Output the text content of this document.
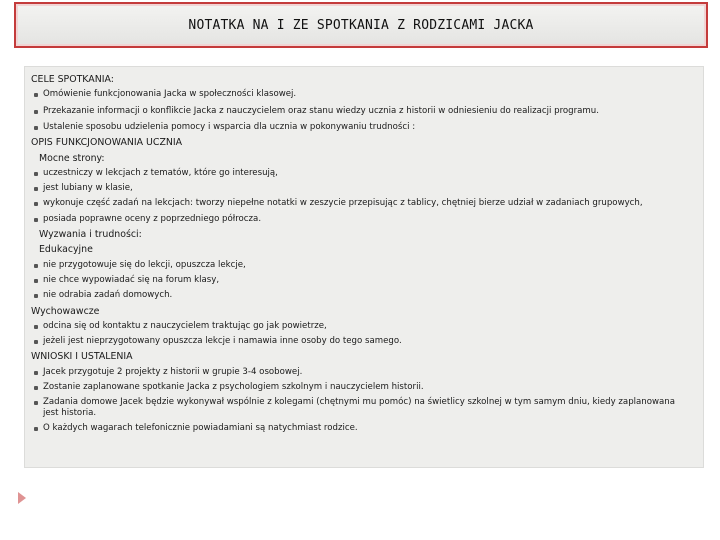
NOTATKA NA I ZE SPOTKANIA Z RODZICAMI JACKA
CELE SPOTKANIA:
Omówienie funkcjonowania Jacka w społeczności klasowej.
Przekazanie informacji o konflikcie Jacka z nauczycielem oraz stanu wiedzy ucznia z historii w odniesieniu do realizacji programu.
Ustalenie sposobu udzielenia pomocy i wsparcia dla ucznia w pokonywaniu trudności :
OPIS FUNKCJONOWANIA UCZNIA
Mocne strony:
uczestniczy w lekcjach z tematów, które go interesują,
jest lubiany w klasie,
wykonuje część zadań na lekcjach: tworzy niepełne notatki w zeszycie przepisując z tablicy, chętniej bierze udział w zadaniach grupowych,
posiada poprawne oceny z poprzedniego półrocza.
Wyzwania i trudności:
Edukacyjne
nie przygotowuje się do lekcji, opuszcza lekcje,
nie chce wypowiadać się na forum klasy,
nie odrabia zadań domowych.
Wychowawcze
odcina się od kontaktu z nauczycielem traktując go jak powietrze,
jeżeli jest nieprzygotowany opuszcza lekcje i namawia inne osoby do tego samego.
WNIOSKI I USTALENIA
Jacek przygotuje 2 projekty z historii w grupie 3-4 osobowej.
Zostanie zaplanowane spotkanie Jacka z psychologiem szkolnym i nauczycielem historii.
Zadania domowe Jacek będzie wykonywał wspólnie z kolegami (chętnymi mu pomóc) na świetlicy szkolnej w tym samym dniu, kiedy zaplanowana jest historia.
O każdych wagarach telefonicznie powiadamiani są natychmiast rodzice.
